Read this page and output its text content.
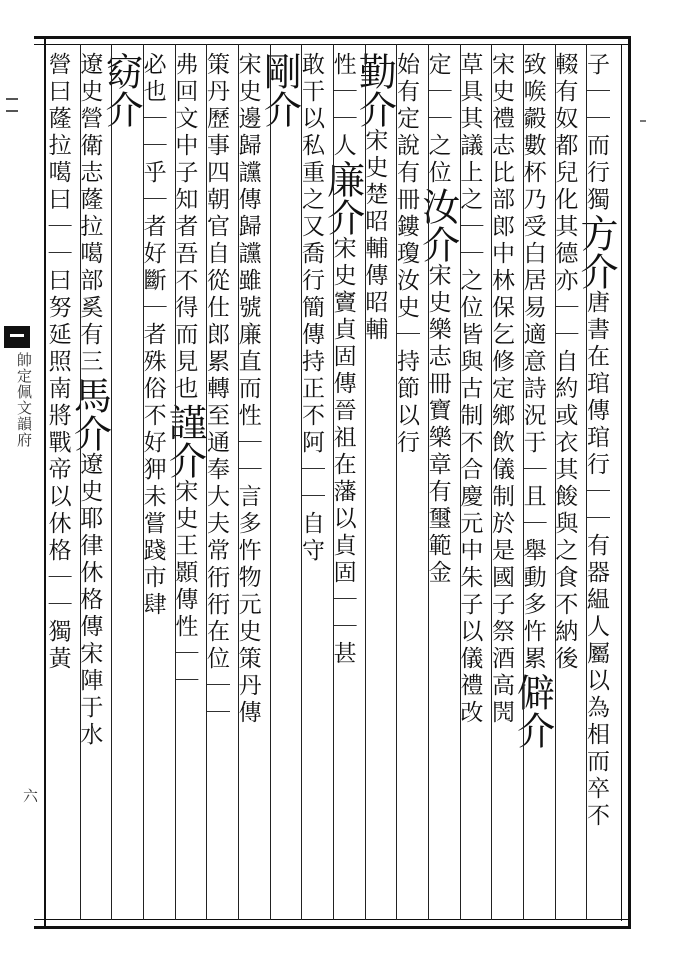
帥定佩文韻府
六
子｜｜而行獨方介唐書在琯傳琯行｜｜有器緼人屬以為相而卒不
輟有奴都兒化其德亦｜｜自約或衣其餕與之食不納後
致㗋㲉數杯乃受白居易適意詩況于｜且｜舉動多忤累僻介
宋史禮志比部郎中林保乞修定鄉飲儀制於是國子祭酒高閌
草具其議上之｜｜之位皆與古制不合慶元中朱子以儀禮改
定｜｜之位汝介宋史樂志冊寶樂章有璽範金
始有定說有冊鏤瓊汝史｜持節以行
勤介宋史楚昭輔傳昭輔
性｜｜人廉介宋史竇貞固傳晉祖在藩以貞固｜｜甚
敢干以私重之又喬行簡傳持正不阿｜｜自守
剛介
宋史邊歸讜傳歸讜雖號廉直而性｜｜言多忤物元史策丹傳
策丹歷事四朝官自從仕郎累轉至通奉大夫常衎衎在位｜｜
弗回文中子知者吾不得而見也謹介宋史王顥傳性｜｜
必也｜｜乎｜者好斷｜者殊俗不好狎未嘗踐市肆
窈介
遼史營衛志蕯拉噶部奚有三馬介遼史耶律休格傳宋陣于水
營曰蕯拉噶曰｜｜曰努延照南將戰帝以休格｜｜獨黃
